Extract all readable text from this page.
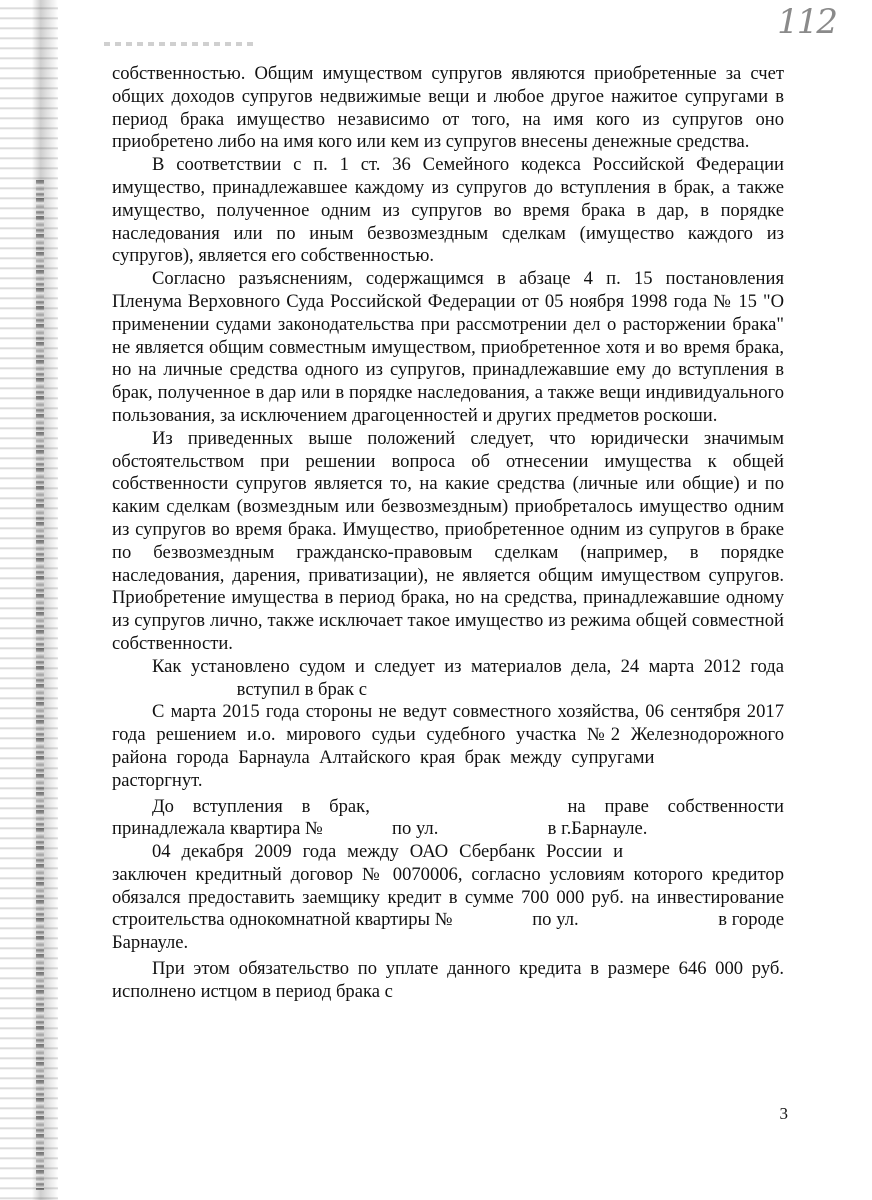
112

собственностью. Общим имуществом супругов являются приобретенные за счет общих доходов супругов недвижимые вещи и любое другое нажитое супругами в период брака имущество независимо от того, на имя кого из супругов оно приобретено либо на имя кого или кем из супругов внесены денежные средства.

В соответствии с п. 1 ст. 36 Семейного кодекса Российской Федерации имущество, принадлежавшее каждому из супругов до вступления в брак, а также имущество, полученное одним из супругов во время брака в дар, в порядке наследования или по иным безвозмездным сделкам (имущество каждого из супругов), является его собственностью.

Согласно разъяснениям, содержащимся в абзаце 4 п. 15 постановления Пленума Верховного Суда Российской Федерации от 05 ноября 1998 года № 15 "О применении судами законодательства при рассмотрении дел о расторжении брака" не является общим совместным имуществом, приобретенное хотя и во время брака, но на личные средства одного из супругов, принадлежавшие ему до вступления в брак, полученное в дар или в порядке наследования, а также вещи индивидуального пользования, за исключением драгоценностей и других предметов роскоши.

Из приведенных выше положений следует, что юридически значимым обстоятельством при решении вопроса об отнесении имущества к общей собственности супругов является то, на какие средства (личные или общие) и по каким сделкам (возмездным или безвозмездным) приобреталось имущество одним из супругов во время брака. Имущество, приобретенное одним из супругов в браке по безвозмездным гражданско-правовым сделкам (например, в порядке наследования, дарения, приватизации), не является общим имуществом супругов. Приобретение имущества в период брака, но на средства, принадлежавшие одному из супругов лично, также исключает такое имущество из режима общей совместной собственности.

Как установлено судом и следует из материалов дела, 24 марта 2012 года  вступил в брак с

С марта 2015 года стороны не ведут совместного хозяйства, 06 сентября 2017 года решением и.о. мирового судьи судебного участка №2 Железнодорожного района города Барнаула Алтайского края брак между супругами  расторгнут.

До вступления в брак,	на праве собственности принадлежала квартира №	по ул.	в г.Барнауле.

04 декабря 2009 года между ОАО Сбербанк России и  заключен кредитный договор № 0070006, согласно условиям которого кредитор обязался предоставить заемщику кредит в сумме 700 000 руб. на инвестирование строительства однокомнатной квартиры №	по ул.	в городе Барнауле.

При этом обязательство по уплате данного кредита в размере 646 000 руб. исполнено истцом в период брака с

3
